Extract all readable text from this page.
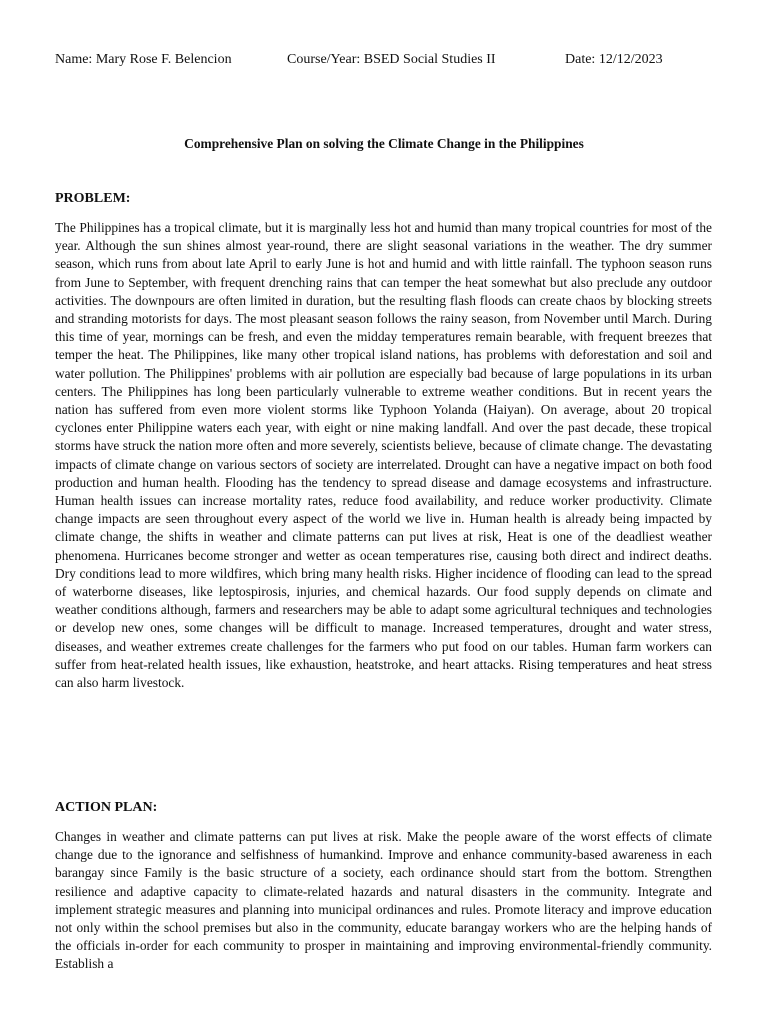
Name: Mary Rose F. Belencion	Course/Year: BSED Social Studies II	Date: 12/12/2023
Comprehensive Plan on solving the Climate Change in the Philippines
PROBLEM:

The Philippines has a tropical climate, but it is marginally less hot and humid than many tropical countries for most of the year. Although the sun shines almost year-round, there are slight seasonal variations in the weather. The dry summer season, which runs from about late April to early June is hot and humid and with little rainfall. The typhoon season runs from June to September, with frequent drenching rains that can temper the heat somewhat but also preclude any outdoor activities. The downpours are often limited in duration, but the resulting flash floods can create chaos by blocking streets and stranding motorists for days. The most pleasant season follows the rainy season, from November until March. During this time of year, mornings can be fresh, and even the midday temperatures remain bearable, with frequent breezes that temper the heat. The Philippines, like many other tropical island nations, has problems with deforestation and soil and water pollution. The Philippines' problems with air pollution are especially bad because of large populations in its urban centers. The Philippines has long been particularly vulnerable to extreme weather conditions. But in recent years the nation has suffered from even more violent storms like Typhoon Yolanda (Haiyan). On average, about 20 tropical cyclones enter Philippine waters each year, with eight or nine making landfall. And over the past decade, these tropical storms have struck the nation more often and more severely, scientists believe, because of climate change. The devastating impacts of climate change on various sectors of society are interrelated. Drought can have a negative impact on both food production and human health. Flooding has the tendency to spread disease and damage ecosystems and infrastructure. Human health issues can increase mortality rates, reduce food availability, and reduce worker productivity. Climate change impacts are seen throughout every aspect of the world we live in. Human health is already being impacted by climate change, the shifts in weather and climate patterns can put lives at risk, Heat is one of the deadliest weather phenomena. Hurricanes become stronger and wetter as ocean temperatures rise, causing both direct and indirect deaths. Dry conditions lead to more wildfires, which bring many health risks. Higher incidence of flooding can lead to the spread of waterborne diseases, like leptospirosis, injuries, and chemical hazards. Our food supply depends on climate and weather conditions although, farmers and researchers may be able to adapt some agricultural techniques and technologies or develop new ones, some changes will be difficult to manage. Increased temperatures, drought and water stress, diseases, and weather extremes create challenges for the farmers who put food on our tables. Human farm workers can suffer from heat-related health issues, like exhaustion, heatstroke, and heart attacks. Rising temperatures and heat stress can also harm livestock.

ACTION PLAN:

Changes in weather and climate patterns can put lives at risk. Make the people aware of the worst effects of climate change due to the ignorance and selfishness of humankind. Improve and enhance community-based awareness in each barangay since Family is the basic structure of a society, each ordinance should start from the bottom. Strengthen resilience and adaptive capacity to climate-related hazards and natural disasters in the community. Integrate and implement strategic measures and planning into municipal ordinances and rules. Promote literacy and improve education not only within the school premises but also in the community, educate barangay workers who are the helping hands of the officials in-order for each community to prosper in maintaining and improving environmental-friendly community. Establish a
